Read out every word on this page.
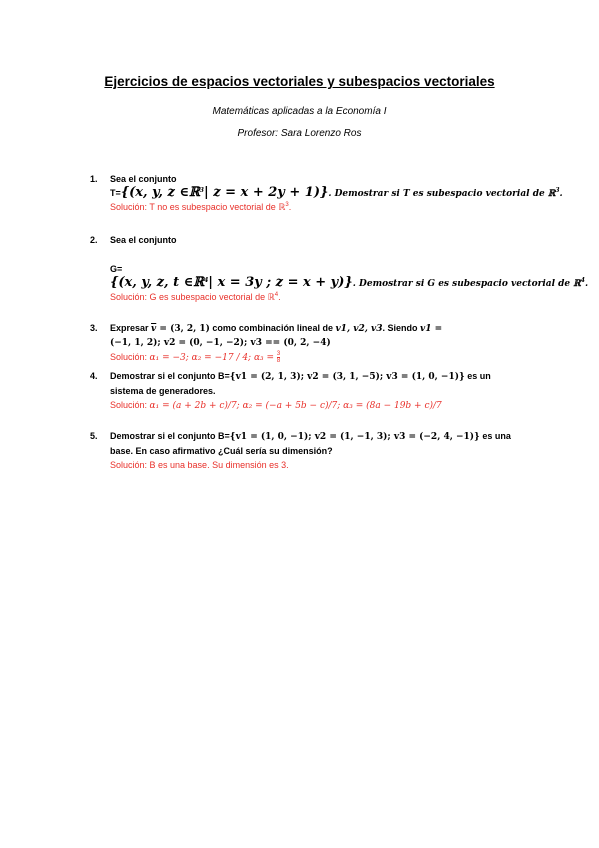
Ejercicios de espacios vectoriales y subespacios vectoriales
Matemáticas aplicadas a la Economía I
Profesor: Sara Lorenzo Ros
1. Sea el conjunto
T={(x, y, z ∈ℝ$^3$| z = x + 2y + 1)}. Demostrar si T es subespacio vectorial de ℝ$^3$.
Solución: T no es subespacio vectorial de ℝ$^3$.
2. Sea el conjunto
G=
{(x, y, z, t ∈ℝ$^4$| x = 3y ; z = x + y)}. Demostrar si G es subespacio vectorial de ℝ$^4$.
Solución: G es subespacio vectorial de ℝ$^4$.
3. Expresar $\overline{v} = (3$, 2, 1) como combinación lineal de v1, v2, v3. Siendo v1 =
(−1, 1, 2); v2 = (0, −1, −2); v3 == (0, 2, −4)
Solución: α₁ = −3; α₂ = −17 / 4; $\alpha_3 = \frac{3}{8}$
4. Demostrar si el conjunto B={v1 = (2, 1, 3); v2 = (3, 1, −5); v3 = (1, 0, −1)} es un
sistema de generadores.
Solución: α₁ = (a + 2b + c)/7; α₂ = (−a + 5b − c)/7; α₃ = (8a − 19b + c)/7
5. Demostrar si el conjunto B={v1 = (1, 0, −1); v2 = (1, −1, 3); v3 = (−2, 4, −1)} es una
base. En caso afirmativo ¿Cuál sería su dimensión?
Solución: B es una base. Su dimensión es 3.
